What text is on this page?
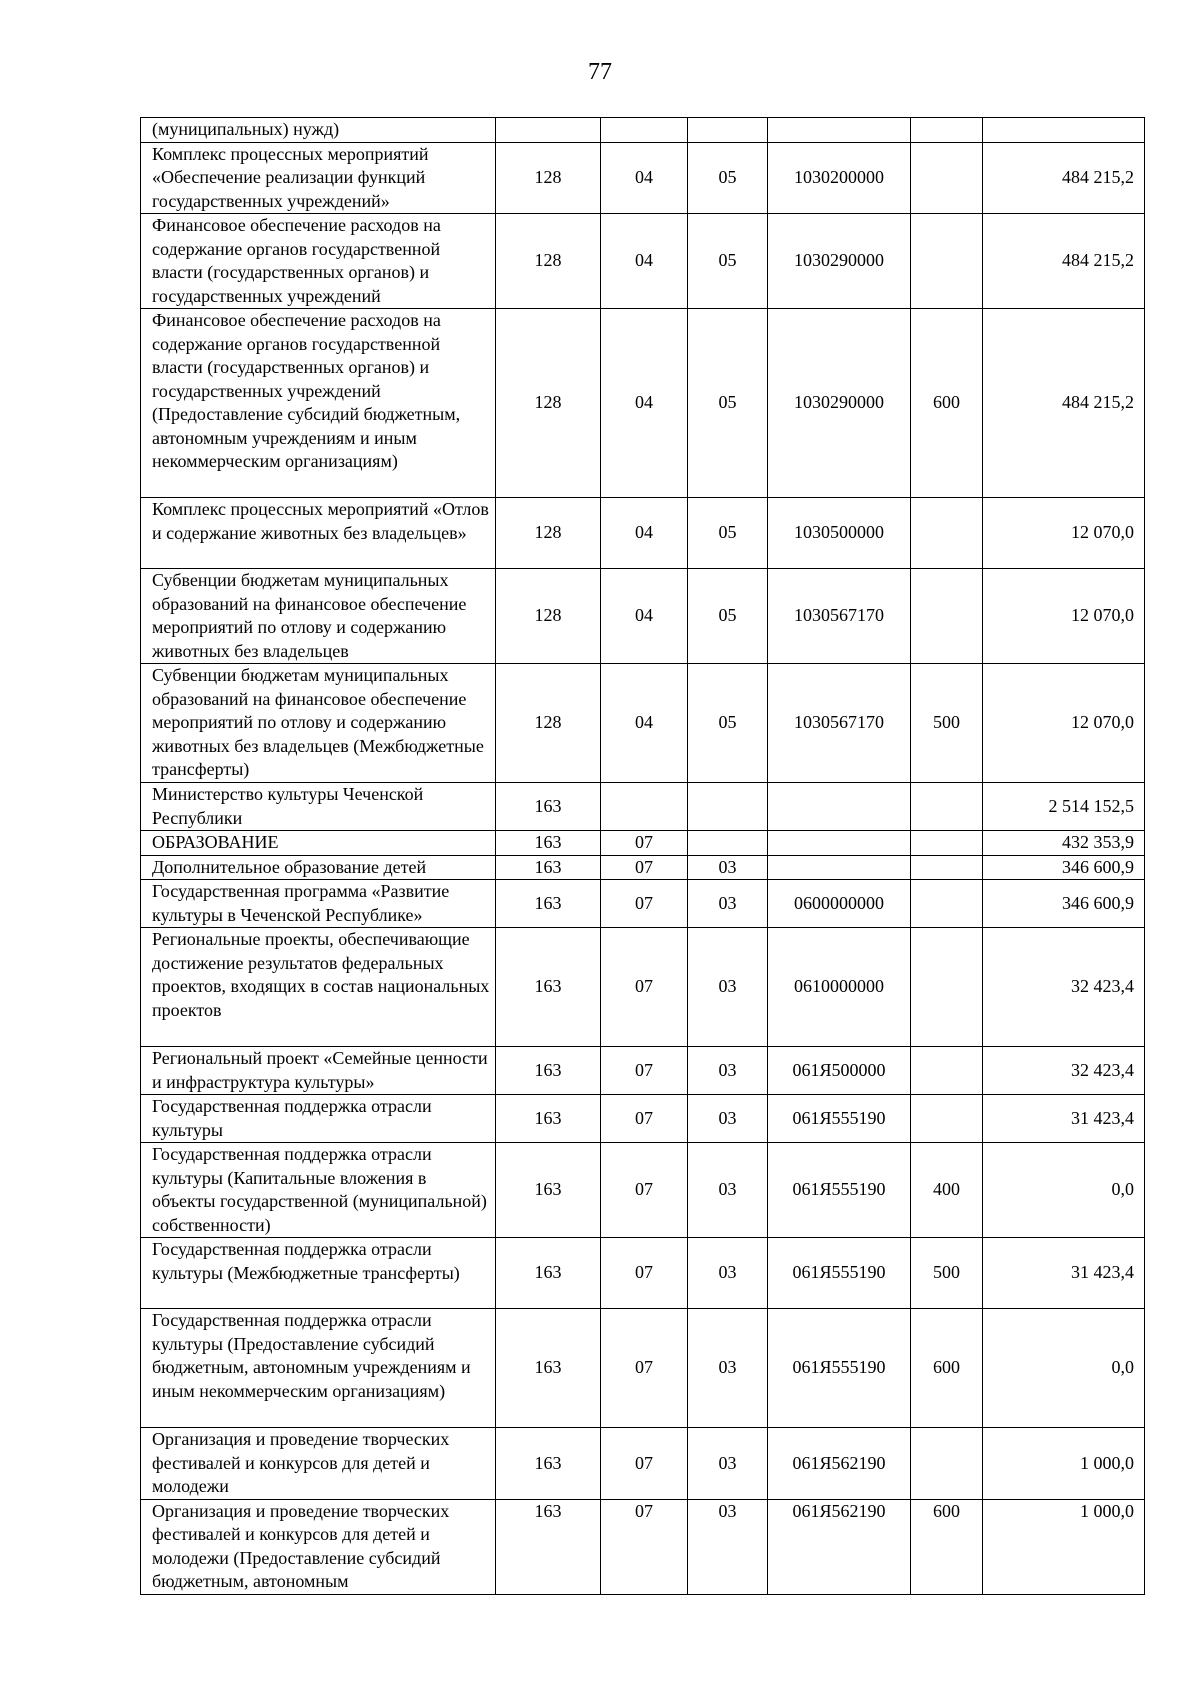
77
(муниципальных) нужд)						
Комплекс процессных мероприятий «Обеспечение реализации функций государственных учреждений»	128	04	05	1030200000		484 215,2
Финансовое обеспечение расходов на содержание органов государственной власти (государственных органов) и государственных учреждений	128	04	05	1030290000		484 215,2
Финансовое обеспечение расходов на содержание органов государственной власти (государственных органов) и государственных учреждений (Предоставление субсидий бюджетным, автономным учреждениям и иным некоммерческим организациям)	128	04	05	1030290000	600	484 215,2
Комплекс процессных мероприятий «Отлов и содержание животных без владельцев»	128	04	05	1030500000		12 070,0
Субвенции бюджетам муниципальных образований на финансовое обеспечение мероприятий по отлову и содержанию животных без владельцев	128	04	05	1030567170		12 070,0
Субвенции бюджетам муниципальных образований на финансовое обеспечение мероприятий по отлову и содержанию животных без владельцев (Межбюджетные трансферты)	128	04	05	1030567170	500	12 070,0
Министерство культуры Чеченской Республики	163					2 514 152,5
ОБРАЗОВАНИЕ	163	07				432 353,9
Дополнительное образование детей	163	07	03			346 600,9
Государственная программа «Развитие культуры в Чеченской Республике»	163	07	03	0600000000		346 600,9
Региональные проекты, обеспечивающие достижение результатов федеральных проектов, входящих в состав национальных проектов	163	07	03	0610000000		32 423,4
Региональный проект «Семейные ценности и инфраструктура культуры»	163	07	03	061Я500000		32 423,4
Государственная поддержка отрасли культуры	163	07	03	061Я555190		31 423,4
Государственная поддержка отрасли культуры (Капитальные вложения в объекты государственной (муниципальной) собственности)	163	07	03	061Я555190	400	0,0
Государственная поддержка отрасли культуры (Межбюджетные трансферты)	163	07	03	061Я555190	500	31 423,4
Государственная поддержка отрасли культуры (Предоставление субсидий бюджетным, автономным учреждениям и иным некоммерческим организациям)	163	07	03	061Я555190	600	0,0
Организация и проведение творческих фестивалей и конкурсов для детей и молодежи	163	07	03	061Я562190		1 000,0
Организация и проведение творческих фестивалей и конкурсов для детей и молодежи (Предоставление субсидий бюджетным, автономным	163	07	03	061Я562190	600	1 000,0
